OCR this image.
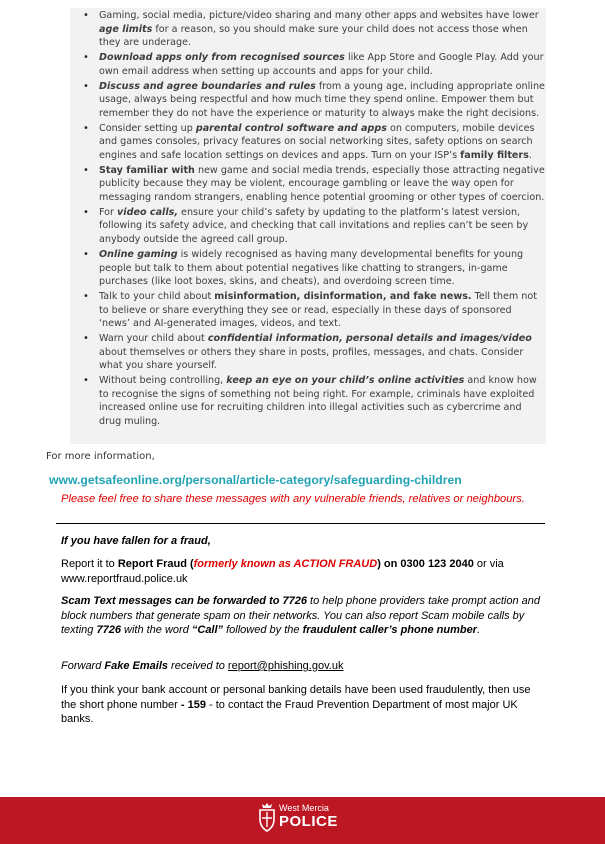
• Gaming, social media, picture/video sharing and many other apps and websites have lower age limits for a reason, so you should make sure your child does not access those when they are underage.
• Download apps only from recognised sources like App Store and Google Play. Add your own email address when setting up accounts and apps for your child.
• Discuss and agree boundaries and rules from a young age, including appropriate online usage, always being respectful and how much time they spend online. Empower them but remember they do not have the experience or maturity to always make the right decisions.
• Consider setting up parental control software and apps on computers, mobile devices and games consoles, privacy features on social networking sites, safety options on search engines and safe location settings on devices and apps. Turn on your ISP’s family filters.
• Stay familiar with new game and social media trends, especially those attracting negative publicity because they may be violent, encourage gambling or leave the way open for messaging random strangers, enabling hence potential grooming or other types of coercion.
• For video calls, ensure your child’s safety by updating to the platform’s latest version, following its safety advice, and checking that call invitations and replies can’t be seen by anybody outside the agreed call group.
• Online gaming is widely recognised as having many developmental benefits for young people but talk to them about potential negatives like chatting to strangers, in-game purchases (like loot boxes, skins, and cheats), and overdoing screen time.
• Talk to your child about misinformation, disinformation, and fake news. Tell them not to believe or share everything they see or read, especially in these days of sponsored ‘news’ and AI-generated images, videos, and text.
• Warn your child about confidential information, personal details and images/video about themselves or others they share in posts, profiles, messages, and chats. Consider what you share yourself.
• Without being controlling, keep an eye on your child’s online activities and know how to recognise the signs of something not being right. For example, criminals have exploited increased online use for recruiting children into illegal activities such as cybercrime and drug muling.
For more information,
www.getsafeonline.org/personal/article-category/safeguarding-children
Please feel free to share these messages with any vulnerable friends, relatives or neighbours.
If you have fallen for a fraud,
Report it to Report Fraud (formerly known as ACTION FRAUD) on 0300 123 2040 or via www.reportfraud.police.uk
Scam Text messages can be forwarded to 7726 to help phone providers take prompt action and block numbers that generate spam on their networks. You can also report Scam mobile calls by texting 7726 with the word “Call” followed by the fraudulent caller’s phone number.
Forward Fake Emails received to report@phishing.gov.uk
If you think your bank account or personal banking details have been used fraudulently, then use the short phone number - 159 - to contact the Fraud Prevention Department of most major UK banks.
West Mercia
POLICE
